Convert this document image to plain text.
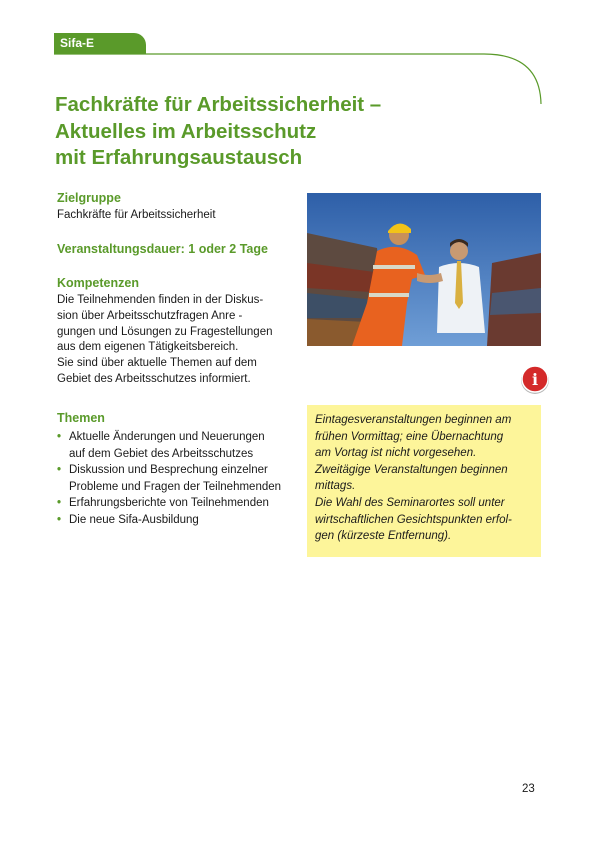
Sifa-E
Fachkräfte für Arbeitssicherheit –
Aktuelles im Arbeitsschutz
mit Erfahrungsaustausch
Zielgruppe

Fachkräfte für Arbeitssicherheit

Veranstaltungsdauer: 1 oder 2 Tage
Kompetenzen

Die Teilnehmenden finden in der Diskus-
sion über Arbeitsschutzfragen Anre -
gungen und Lösungen zu Fragestellungen
aus dem eigenen Tätigkeitsbereich.
Sie sind über aktuelle Themen auf dem
Gebiet des Arbeitsschutzes informiert.

Themen
• Aktuelle Änderungen und Neuerungen
auf dem Gebiet des Arbeitsschutzes
• Diskussion und Besprechung einzelner
Probleme und Fragen der Teilnehmenden
• Erfahrungsberichte von Teilnehmenden
• Die neue Sifa-Ausbildung
i

Eintagesveranstaltungen beginnen am
frühen Vormittag; eine Übernachtung
am Vortag ist nicht vorgesehen.
Zweitägige Veranstaltungen beginnen
mittags.
Die Wahl des Seminarortes soll unter
wirtschaftlichen Gesichtspunkten erfol-
gen (kürzeste Entfernung).

23
